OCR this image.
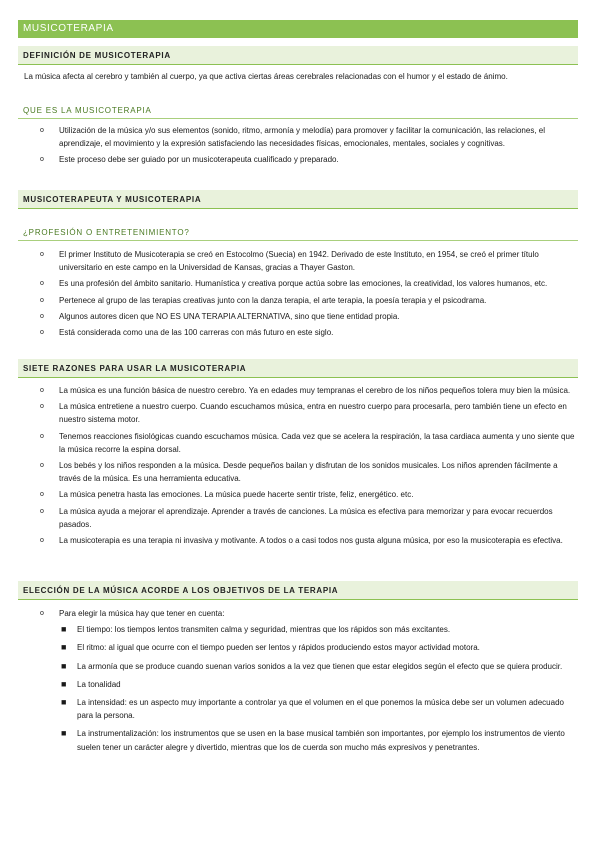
MUSICOTERAPIA
DEFINICIÓN DE MUSICOTERAPIA

La música afecta al cerebro y también al cuerpo, ya que activa ciertas áreas cerebrales relacionadas con el humor y el estado de ánimo.

QUE ES LA MUSICOTERAPIA
o Utilización de la música y/o sus elementos (sonido, ritmo, armonía y melodía) para promover y facilitar la comunicación, las relaciones, el aprendizaje, el movimiento y la expresión satisfaciendo las necesidades físicas, emocionales, mentales, sociales y cognitivas.
o Este proceso debe ser guiado por un musicoterapeuta cualificado y preparado.
MUSICOTERAPEUTA Y MUSICOTERAPIA
¿PROFESIÓN O ENTRETENIMIENTO?
o El primer Instituto de Musicoterapia se creó en Estocolmo (Suecia) en 1942. Derivado de este Instituto, en 1954, se creó el primer título universitario en este campo en la Universidad de Kansas, gracias a Thayer Gaston.
o Es una profesión del ámbito sanitario. Humanística y creativa porque actúa sobre las emociones, la creatividad, los valores humanos, etc.
o Pertenece al grupo de las terapias creativas junto con la danza terapia, el arte terapia, la poesía terapia y el psicodrama.
o Algunos autores dicen que NO ES UNA TERAPIA ALTERNATIVA, sino que tiene entidad propia.
o Está considerada como una de las 100 carreras con más futuro en este siglo.
SIETE RAZONES PARA USAR LA MUSICOTERAPIA
o La música es una función básica de nuestro cerebro. Ya en edades muy tempranas el cerebro de los niños pequeños tolera muy bien la música.
o La música entretiene a nuestro cuerpo. Cuando escuchamos música, entra en nuestro cuerpo para procesarla, pero también tiene un efecto en nuestro sistema motor.
o Tenemos reacciones fisiológicas cuando escuchamos música. Cada vez que se acelera la respiración, la tasa cardiaca aumenta y uno siente que la música recorre la espina dorsal.
o Los bebés y los niños responden a la música. Desde pequeños bailan y disfrutan de los sonidos musicales. Los niños aprenden fácilmente a través de la música. Es una herramienta educativa.
o La música penetra hasta las emociones. La música puede hacerte sentir triste, feliz, energético. etc.
o La música ayuda a mejorar el aprendizaje. Aprender a través de canciones. La música es efectiva para memorizar y para evocar recuerdos pasados.
o La musicoterapia es una terapia ni invasiva y motivante. A todos o a casi todos nos gusta alguna música, por eso la musicoterapia es efectiva.
ELECCIÓN DE LA MÚSICA ACORDE A LOS OBJETIVOS DE LA TERAPIA
o Para elegir la música hay que tener en cuenta:
■ El tiempo: los tiempos lentos transmiten calma y seguridad, mientras que los rápidos son más excitantes.
■ El ritmo: al igual que ocurre con el tiempo pueden ser lentos y rápidos produciendo estos mayor actividad motora.
■ La armonía que se produce cuando suenan varios sonidos a la vez que tienen que estar elegidos según el efecto que se quiera producir.
■ La tonalidad
■ La intensidad: es un aspecto muy importante a controlar ya que el volumen en el que ponemos la música debe ser un volumen adecuado para la persona.
■ La instrumentalización: los instrumentos que se usen en la base musical también son importantes, por ejemplo los instrumentos de viento suelen tener un carácter alegre y divertido, mientras que los de cuerda son mucho más expresivos y penetrantes.
